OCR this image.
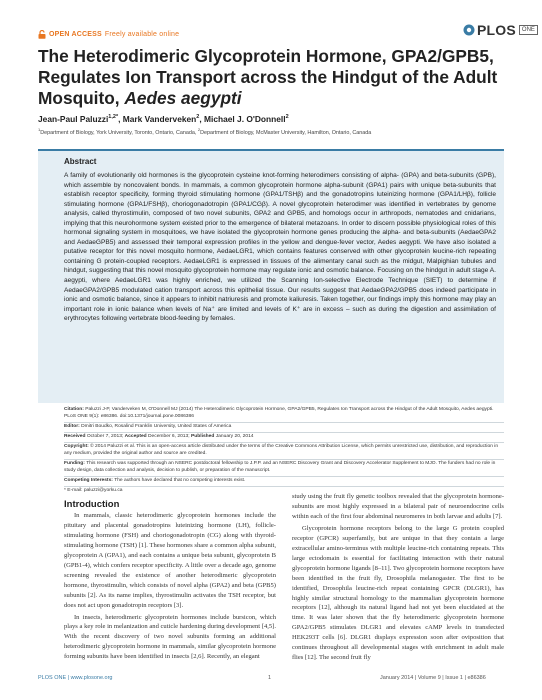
OPEN ACCESS Freely available online	PLOS	ONE
The Heterodimeric Glycoprotein Hormone, GPA2/GPB5, Regulates Ion Transport across the Hindgut of the Adult Mosquito, Aedes aegypti
Jean-Paul Paluzzi$^{1,2*}$, Mark Vanderveken$^2$, Michael J. O'Donnell$^2$
$^1$Department of Biology, York University, Toronto, Ontario, Canada, $^2$Department of Biology, McMaster University, Hamilton, Ontario, Canada
Abstract
A family of evolutionarily old hormones is the glycoprotein cysteine knot-forming heterodimers consisting of alpha- (GPA) and beta-subunits (GPB), which assemble by noncovalent bonds. In mammals, a common glycoprotein hormone alpha-subunit (GPA1) pairs with unique beta-subunits that establish receptor specificity, forming thyroid stimulating hormone (GPA1/TSHβ) and the gonadotropins luteinizing hormone (GPA1/LHβ), follicle stimulating hormone (GPA1/FSHβ), choriogonadotropin (GPA1/CGβ). A novel glycoprotein heterodimer was identified in vertebrates by genome analysis, called thyrostimulin, composed of two novel subunits, GPA2 and GPB5, and homologs occur in arthropods, nematodes and cnidarians, implying that this neurohormone system existed prior to the emergence of bilateral metazoans. In order to discern possible physiological roles of this hormonal signaling system in mosquitoes, we have isolated the glycoprotein hormone genes producing the alpha- and beta-subunits (AedaeGPA2 and AedaeGPB5) and assessed their temporal expression profiles in the yellow and dengue-fever vector, Aedes aegypti. We have also isolated a putative receptor for this novel mosquito hormone, AedaeLGR1, which contains features conserved with other glycoprotein leucine-rich repeating containing G protein-coupled receptors. AedaeLGR1 is expressed in tissues of the alimentary canal such as the midgut, Malpighian tubules and hindgut, suggesting that this novel mosquito glycoprotein hormone may regulate ionic and osmotic balance. Focusing on the hindgut in adult stage A. aegypti, where AedaeLGR1 was highly enriched, we utilized the Scanning Ion-selective Electrode Technique (SIET) to determine if AedaeGPA2/GPB5 modulated cation transport across this epithelial tissue. Our results suggest that AedaeGPA2/GPB5 does indeed participate in ionic and osmotic balance, since it appears to inhibit natriuresis and promote kaliuresis. Taken together, our findings imply this hormone may play an important role in ionic balance when levels of Na⁺ are limited and levels of K⁺ are in excess – such as during the digestion and assimilation of erythrocytes following vertebrate blood-feeding by females.
Citation: Paluzzi J-P, Vanderveken M, O'Donnell MJ (2014) The Heterodimeric Glycoprotein Hormone, GPA2/GPB5, Regulates Ion Transport across the Hindgut of the Adult Mosquito, Aedes aegypti. PLoS ONE 9(1): e86386. doi:10.1371/journal.pone.0086386
Editor: Dmitri Boudko, Rosalind Franklin University, United States of America
Received October 7, 2013; Accepted December 6, 2013; Published January 20, 2014
Copyright: © 2014 Paluzzi et al. This is an open-access article distributed under the terms of the Creative Commons Attribution License, which permits unrestricted use, distribution, and reproduction in any medium, provided the original author and source are credited.
Funding: This research was supported through an NSERC postdoctoral fellowship to J.P.P. and an NSERC Discovery Grant and Discovery Accelerator Supplement to MJO. The funders had no role in study design, data collection and analysis, decision to publish, or preparation of the manuscript.
Competing Interests: The authors have declared that no competing interests exist.
* E-mail: paluzzi@yorku.ca
Introduction

In mammals, classic heterodimeric glycoprotein hormones include the pituitary and placental gonadotropins luteinizing hormone (LH), follicle-stimulating hormone (FSH) and choriogonadotropin (CG) along with thyroid-stimulating hormone (TSH) [1]. These hormones share a common alpha subunit, glycoprotein A (GPA1), and each contains a unique beta subunit, glycoprotein B (GPB1-4), which confers receptor specificity. A little over a decade ago, genome screening revealed the existence of another heterodimeric glycoprotein hormone, thyrostimulin, which consists of novel alpha (GPA2) and beta (GPB5) subunits [2]. As its name implies, thyrostimulin activates the TSH receptor, but does not act upon gonadotropin receptors [3].

In insects, heterodimeric glycoprotein hormones include bursicon, which plays a key role in melanization and cuticle hardening during development [4,5]. With the recent discovery of two novel subunits forming an additional heterodimeric glycoprotein hormone in mammals, similar glycoprotein hormone forming subunits have been identified in insects [2,6]. Recently, an elegant

study using the fruit fly genetic toolbox revealed that the glycoprotein hormone-subunits are most highly expressed in a bilateral pair of neuroendocrine cells within each of the first four abdominal neuromeres in both larvae and adults [7].

Glycoprotein hormone receptors belong to the large G protein coupled receptor (GPCR) superfamily, but are unique in that they contain a large extracellular amino-terminus with multiple leucine-rich containing repeats. This large ectodomain is essential for facilitating interaction with their natural glycoprotein hormone ligands [8–11]. Two glycoprotein hormone receptors have been identified in the fruit fly, Drosophila melanogaster. The first to be identified, Drosophila leucine-rich repeat containing GPCR (DLGR1), has highly similar structural homology to the mammalian glycoprotein hormone receptors [12], although its natural ligand had not yet been elucidated at the time. It was later shown that the fly heterodimeric glycoprotein hormone GPA2/GPB5 stimulates DLGR1 and elevates cAMP levels in transfected HEK293T cells [6]. DLGR1 displays expression soon after oviposition that continues throughout all developmental stages with enrichment in adult male flies [12]. The second fruit fly

PLOS ONE | www.plosone.org	1	January 2014 | Volume 9 | Issue 1 | e86386
